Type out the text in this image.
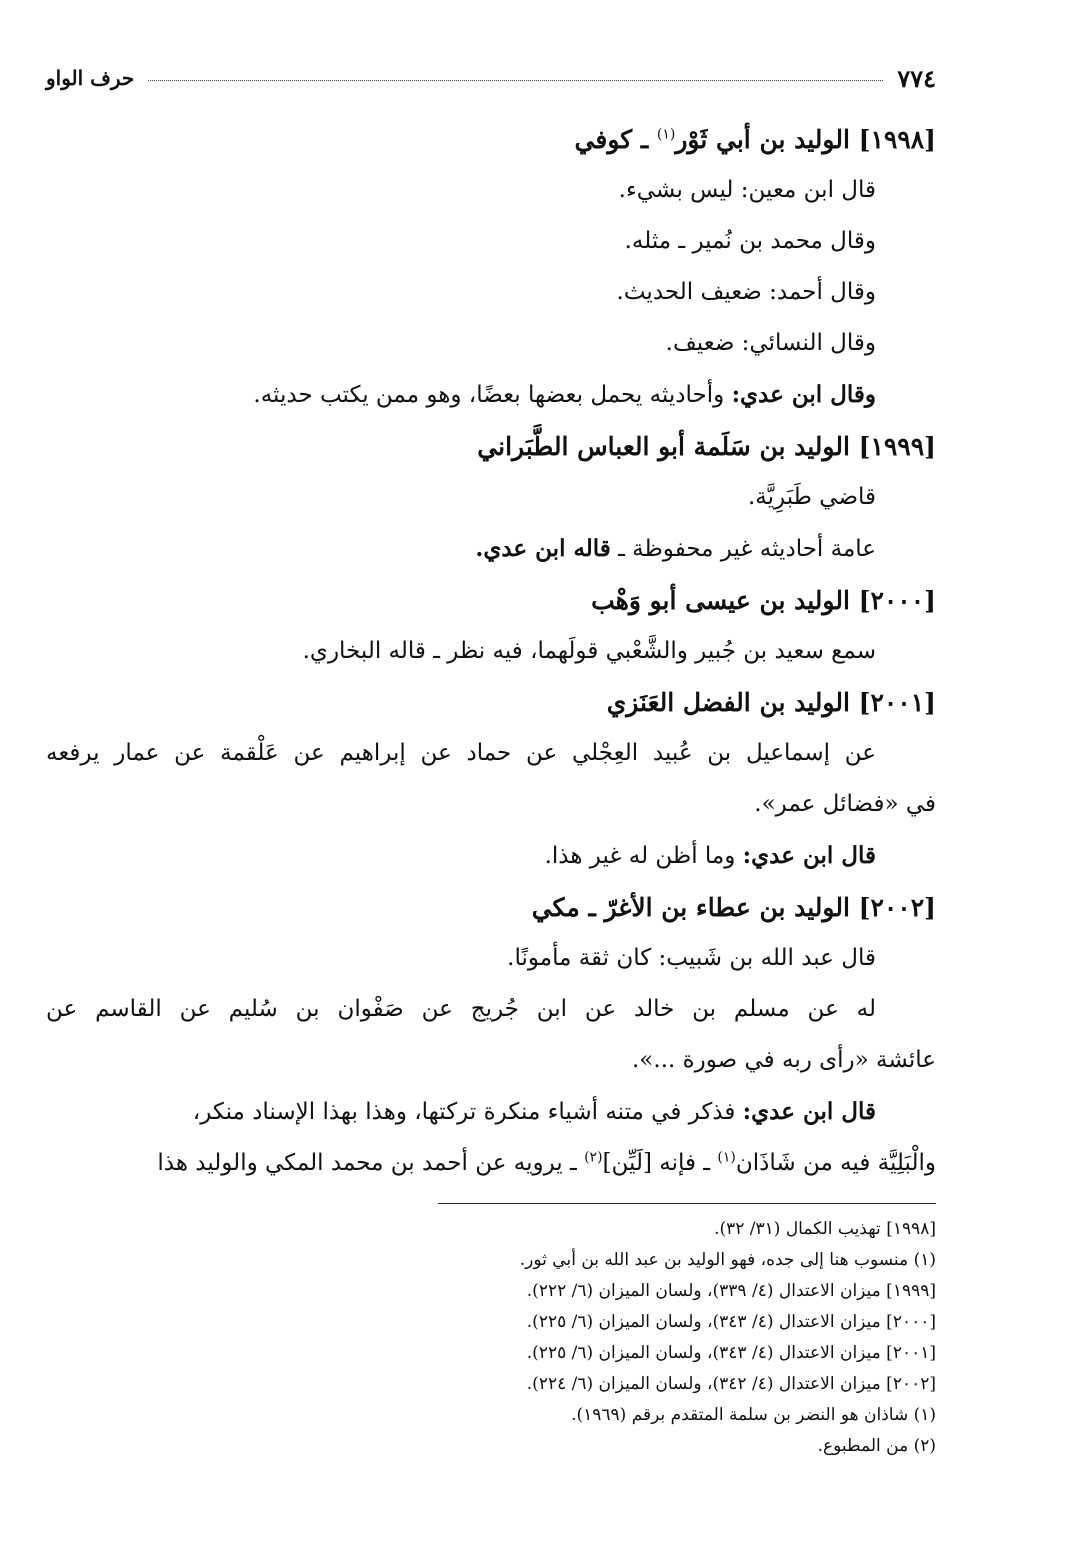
٧٧٤
حرف الواو
[١٩٩٨] الوليد بن أبي ثَوْر$^{(١)}$ ـ كوفي
قال ابن معين: ليس بشيء.
وقال محمد بن نُمير ـ مثله.
وقال أحمد: ضعيف الحديث.
وقال النسائي: ضعيف.
وقال ابن عدي: وأحاديثه يحمل بعضها بعضًا، وهو ممن يكتب حديثه.
[١٩٩٩] الوليد بن سَلَمة أبو العباس الطَّبَراني
قاضي طَبَرِيَّة.
عامة أحاديثه غير محفوظة ـ قاله ابن عدي.
[٢٠٠٠] الوليد بن عيسى أبو وَهْب
سمع سعيد بن جُبير والشَّعْبي قولَهما، فيه نظر ـ قاله البخاري.
[٢٠٠١] الوليد بن الفضل العَنَزي
عن إسماعيل بن عُبيد العِجْلي عن حماد عن إبراهيم عن عَلْقمة عن عمار يرفعه
في «فضائل عمر».
قال ابن عدي: وما أظن له غير هذا.
[٢٠٠٢] الوليد بن عطاء بن الأغرّ ـ مكي
قال عبد الله بن شَبيب: كان ثقة مأمونًا.
له عن مسلم بن خالد عن ابن جُريج عن صَفْوان بن سُليم عن القاسم عن
عائشة «رأى ربه في صورة ...».
قال ابن عدي: فذكر في متنه أشياء منكرة تركتها، وهذا بهذا الإسناد منكر،
والْبَلِيَّة فيه من شَاذَان$^{(١)}$ ـ فإنه [لَيِّن]$^{(٢)}$ ـ يرويه عن أحمد بن محمد المكي والوليد هذا
[١٩٩٨] تهذيب الكمال (٣١/ ٣٢).
(١) منسوب هنا إلى جده، فهو الوليد بن عبد الله بن أبي ثور.
[١٩٩٩] ميزان الاعتدال (٤/ ٣٣٩)، ولسان الميزان (٦/ ٢٢٢).
[٢٠٠٠] ميزان الاعتدال (٤/ ٣٤٣)، ولسان الميزان (٦/ ٢٢٥).
[٢٠٠١] ميزان الاعتدال (٤/ ٣٤٣)، ولسان الميزان (٦/ ٢٢٥).
[٢٠٠٢] ميزان الاعتدال (٤/ ٣٤٢)، ولسان الميزان (٦/ ٢٢٤).
(١) شاذان هو النضر بن سلمة المتقدم برقم (١٩٦٩).
(٢) من المطبوع.
